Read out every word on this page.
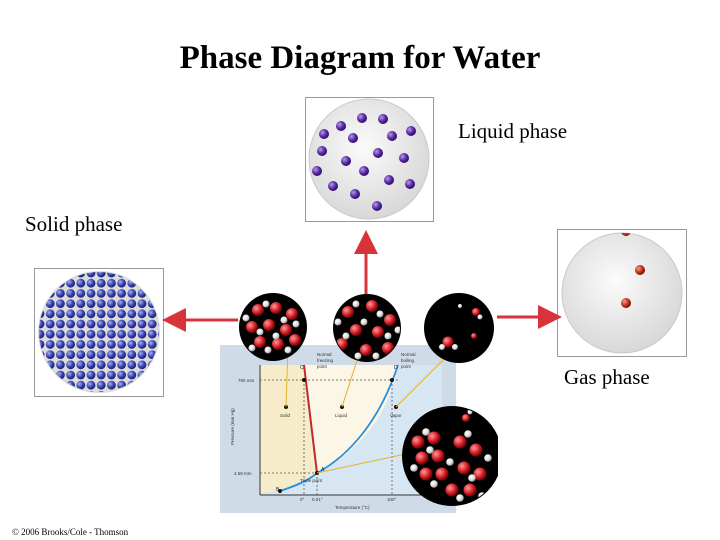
Phase Diagram for Water
Liquid phase
Solid phase
Gas phase
C	D
A
B
Normal freezing point
Normal boiling point
Solid	Liquid	Vapor
Triple point
760 mm
4.58 mm
0° 0.01°	100°
Temperature (°C)
Pressure (mm Hg)
© 2006 Brooks/Cole - Thomson
